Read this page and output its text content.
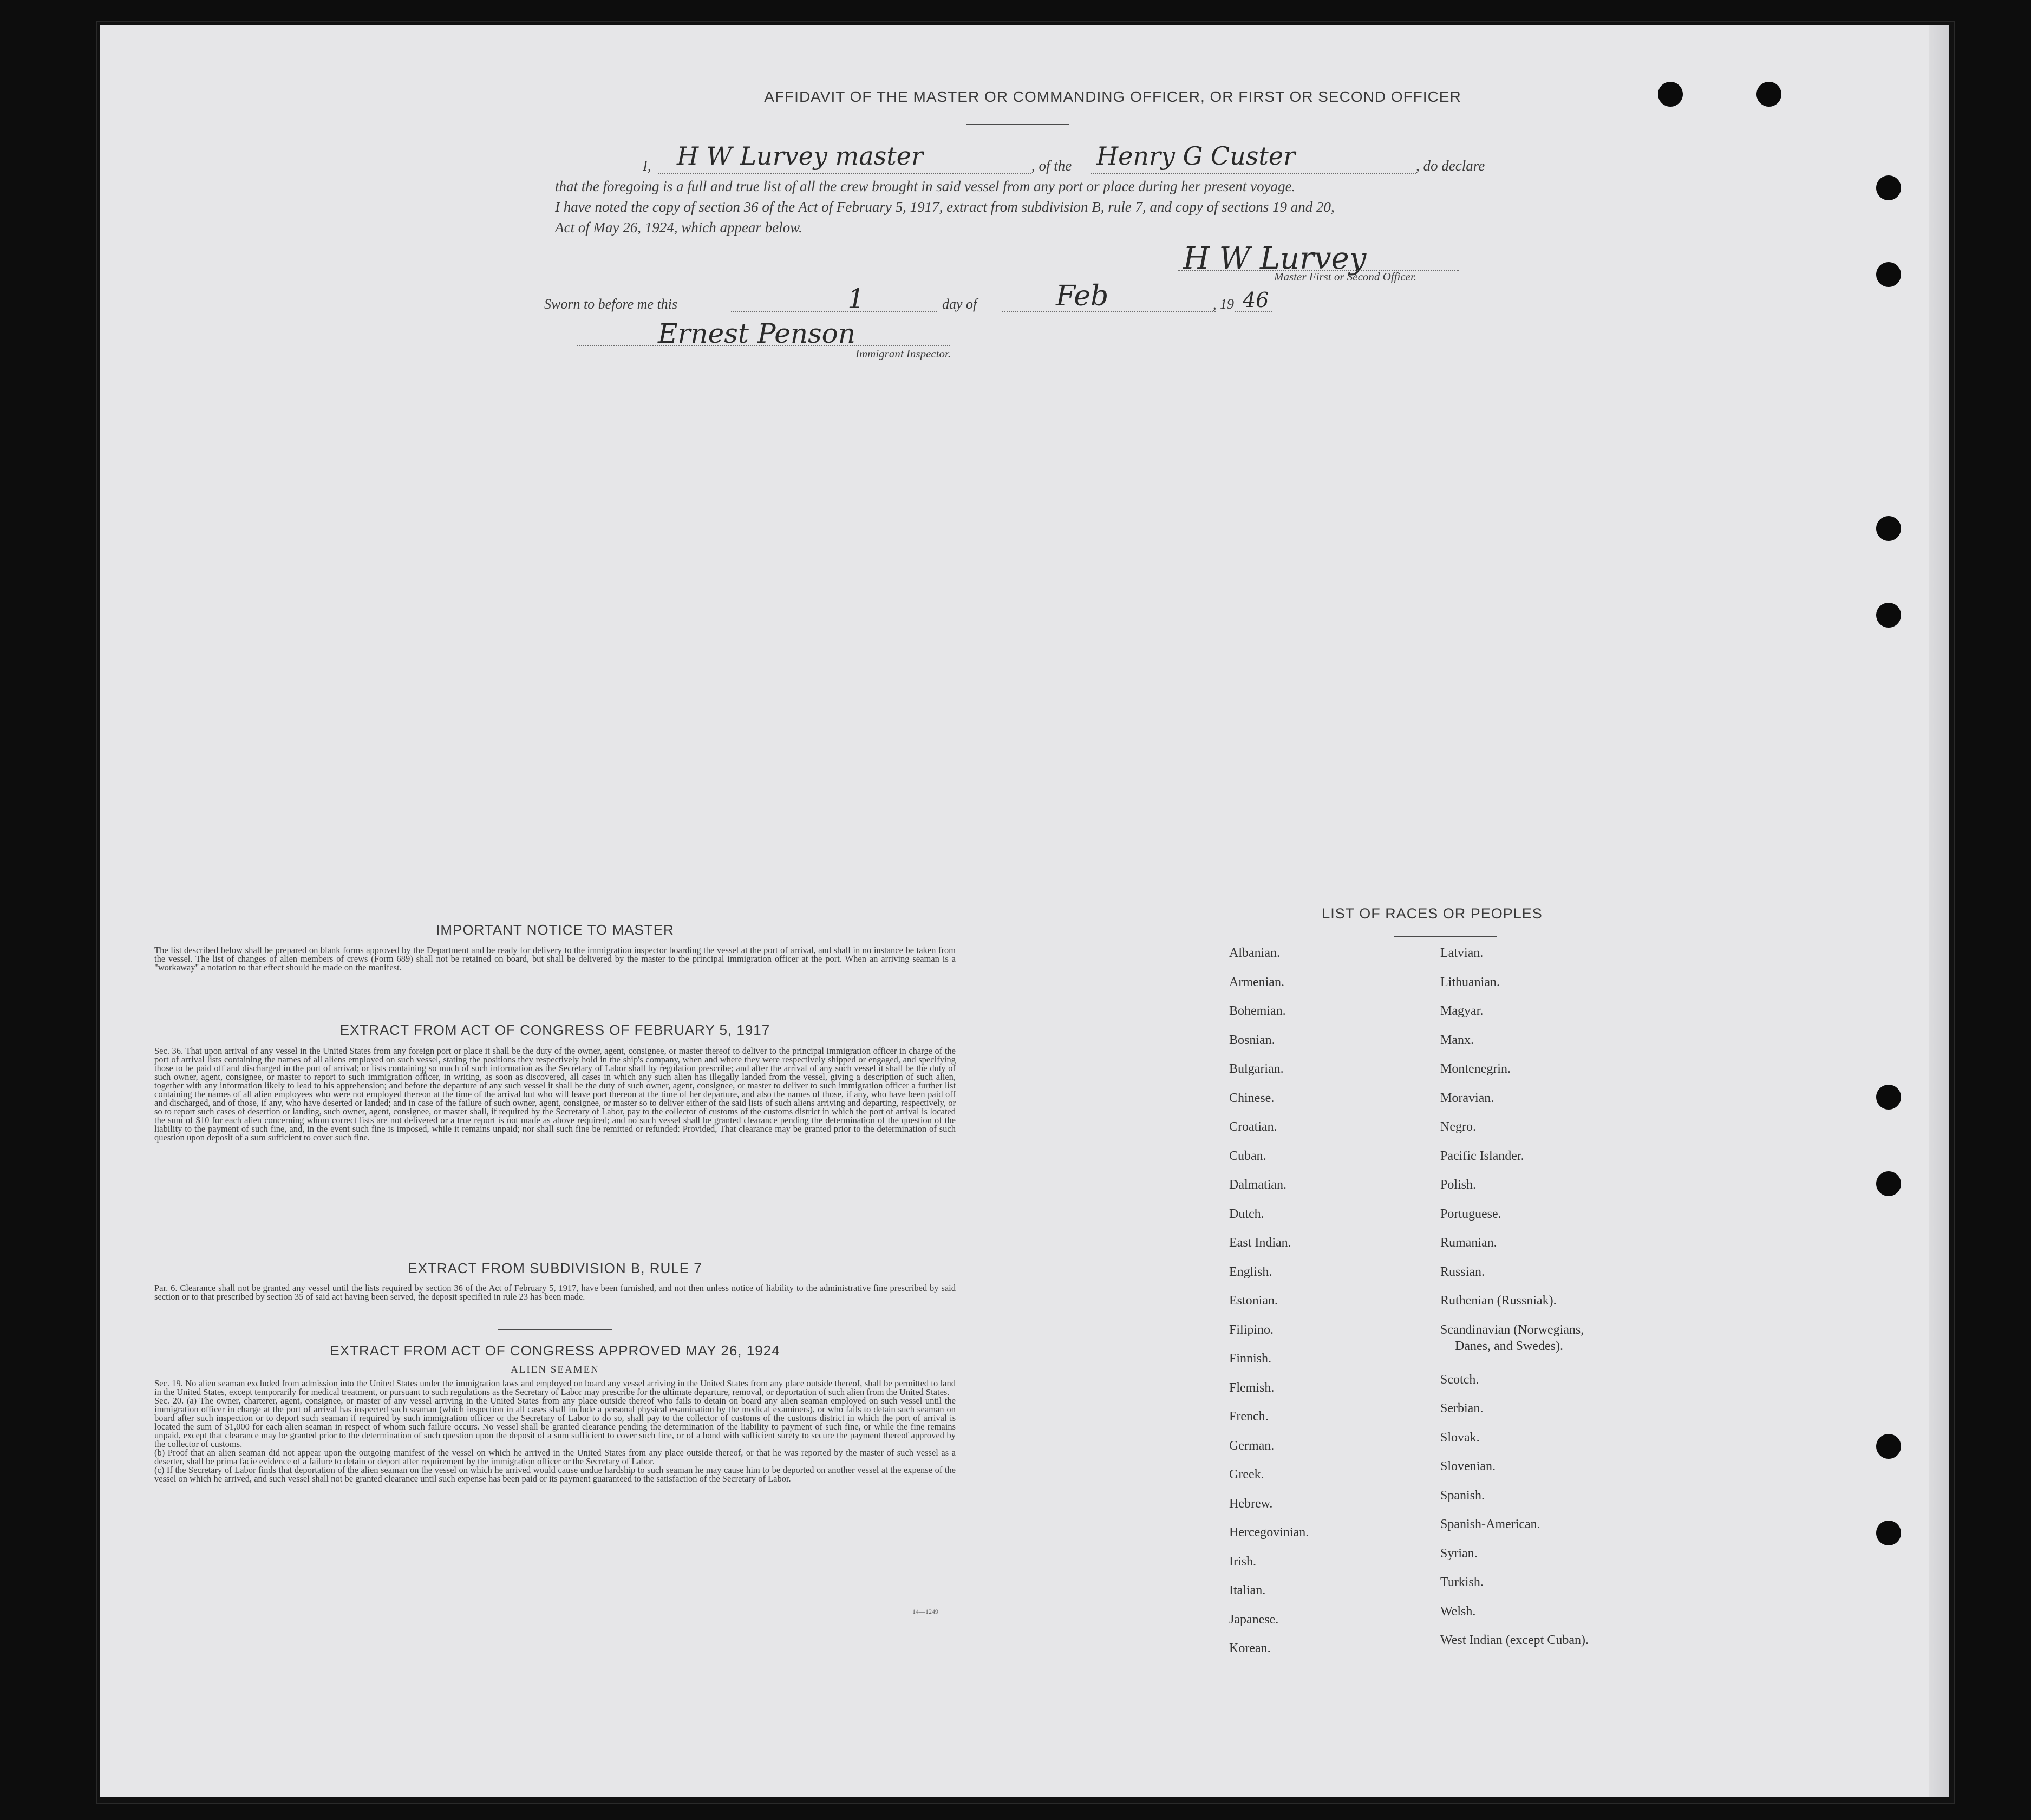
AFFIDAVIT OF THE MASTER OR COMMANDING OFFICER, OR FIRST OR SECOND OFFICER
I, H W Lurvey master	, of the Henry G Custer	, do declare
that the foregoing is a full and true list of all the crew brought in said vessel from any port or place during her present voyage.
I have noted the copy of section 36 of the Act of February 5, 1917, extract from subdivision B, rule 7, and copy of sections 19 and 20,
Act of May 26, 1924, which appear below.
H W Lurvey
Master First or Second Officer.
Sworn to before me this	1	day of	Feb	, 19 46
Ernest Penson
Immigrant Inspector.
IMPORTANT NOTICE TO MASTER
The list described below shall be prepared on blank forms approved by the Department and be ready for delivery to the immigration inspector boarding the vessel at the port of arrival, and shall in no instance be taken from the vessel. The list of changes of alien members of crews (Form 689) shall not be retained on board, but shall be delivered by the master to the principal immigration officer at the port. When an arriving seaman is a "workaway" a notation to that effect should be made on the manifest.
EXTRACT FROM ACT OF CONGRESS OF FEBRUARY 5, 1917
Sec. 36. That upon arrival of any vessel in the United States from any foreign port or place it shall be the duty of the owner, agent, consignee, or master thereof to deliver to the principal immigration officer in charge of the port of arrival lists containing the names of all aliens employed on such vessel, stating the positions they respectively hold in the ship's company, when and where they were respectively shipped or engaged, and specifying those to be paid off and discharged in the port of arrival; or lists containing so much of such information as the Secretary of Labor shall by regulation prescribe; and after the arrival of any such vessel it shall be the duty of such owner, agent, consignee, or master to report to such immigration officer, in writing, as soon as discovered, all cases in which any such alien has illegally landed from the vessel, giving a description of such alien, together with any information likely to lead to his apprehension; and before the departure of any such vessel it shall be the duty of such owner, agent, consignee, or master to deliver to such immigration officer a further list containing the names of all alien employees who were not employed thereon at the time of the arrival but who will leave port thereon at the time of her departure, and also the names of those, if any, who have been paid off and discharged, and of those, if any, who have deserted or landed; and in case of the failure of such owner, agent, consignee, or master so to deliver either of the said lists of such aliens arriving and departing, respectively, or so to report such cases of desertion or landing, such owner, agent, consignee, or master shall, if required by the Secretary of Labor, pay to the collector of customs of the customs district in which the port of arrival is located the sum of $10 for each alien concerning whom correct lists are not delivered or a true report is not made as above required; and no such vessel shall be granted clearance pending the determination of the question of the liability to the payment of such fine, and, in the event such fine is imposed, while it remains unpaid; nor shall such fine be remitted or refunded: Provided, That clearance may be granted prior to the determination of such question upon deposit of a sum sufficient to cover such fine.
EXTRACT FROM SUBDIVISION B, RULE 7
Par. 6. Clearance shall not be granted any vessel until the lists required by section 36 of the Act of February 5, 1917, have been furnished, and not then unless notice of liability to the administrative fine prescribed by said section or to that prescribed by section 35 of said act having been served, the deposit specified in rule 23 has been made.
EXTRACT FROM ACT OF CONGRESS APPROVED MAY 26, 1924
ALIEN SEAMEN
Sec. 19. No alien seaman excluded from admission into the United States under the immigration laws and employed on board any vessel arriving in the United States from any place outside thereof, shall be permitted to land in the United States, except temporarily for medical treatment, or pursuant to such regulations as the Secretary of Labor may prescribe for the ultimate departure, removal, or deportation of such alien from the United States.
Sec. 20. (a) The owner, charterer, agent, consignee, or master of any vessel arriving in the United States from any place outside thereof who fails to detain on board any alien seaman employed on such vessel until the immigration officer in charge at the port of arrival has inspected such seaman (which inspection in all cases shall include a personal physical examination by the medical examiners), or who fails to detain such seaman on board after such inspection or to deport such seaman if required by such immigration officer or the Secretary of Labor to do so, shall pay to the collector of customs of the customs district in which the port of arrival is located the sum of $1,000 for each alien seaman in respect of whom such failure occurs. No vessel shall be granted clearance pending the determination of the liability to payment of such fine, or while the fine remains unpaid, except that clearance may be granted prior to the determination of such question upon the deposit of a sum sufficient to cover such fine, or of a bond with sufficient surety to secure the payment thereof approved by the collector of customs.
(b) Proof that an alien seaman did not appear upon the outgoing manifest of the vessel on which he arrived in the United States from any place outside thereof, or that he was reported by the master of such vessel as a deserter, shall be prima facie evidence of a failure to detain or deport after requirement by the immigration officer or the Secretary of Labor.
(c) If the Secretary of Labor finds that deportation of the alien seaman on the vessel on which he arrived would cause undue hardship to such seaman he may cause him to be deported on another vessel at the expense of the vessel on which he arrived, and such vessel shall not be granted clearance until such expense has been paid or its payment guaranteed to the satisfaction of the Secretary of Labor.
14—1249
LIST OF RACES OR PEOPLES
Albanian.
Armenian.
Bohemian.
Bosnian.
Bulgarian.
Chinese.
Croatian.
Cuban.
Dalmatian.
Dutch.
East Indian.
English.
Estonian.
Filipino.
Finnish.
Flemish.
French.
German.
Greek.
Hebrew.
Hercegovinian.
Irish.
Italian.
Japanese.
Korean.
Latvian.
Lithuanian.
Magyar.
Manx.
Montenegrin.
Moravian.
Negro.
Pacific Islander.
Polish.
Portuguese.
Rumanian.
Russian.
Ruthenian (Russniak).
Scandinavian (Norwegians,
Danes, and Swedes).
Scotch.
Serbian.
Slovak.
Slovenian.
Spanish.
Spanish-American.
Syrian.
Turkish.
Welsh.
West Indian (except Cuban).
